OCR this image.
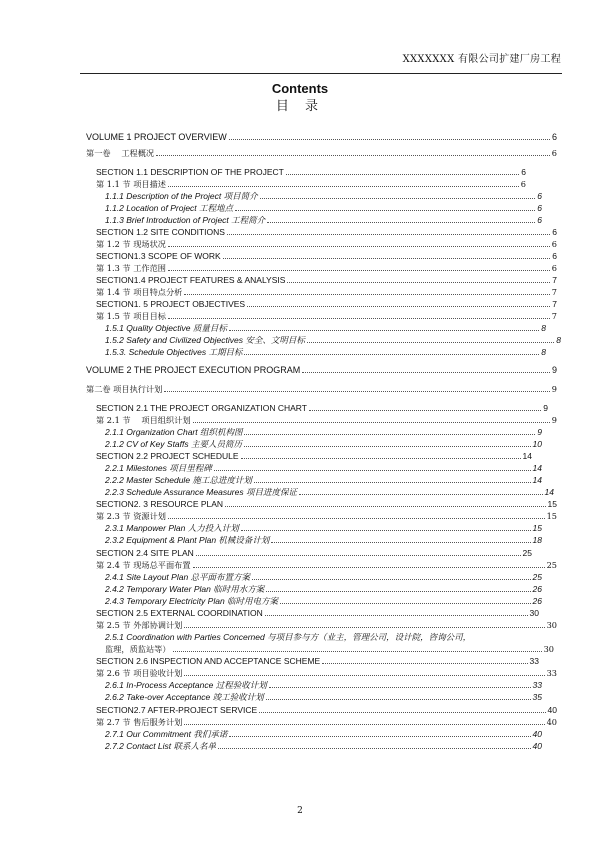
XXXXXXX 有限公司扩建厂房工程
Contents
目 录
VOLUME 1 PROJECT OVERVIEW	6
第一卷　 工程概况	6
SECTION 1.1 DESCRIPTION OF THE PROJECT	6
第 1.1 节 项目描述	6
1.1.1 Description of the Project 项目简介	6
1.1.2 Location of Project 工程地点	6
1.1.3 Brief Introduction of Project 工程简介	6
SECTION 1.2 SITE CONDITIONS	6
第 1.2 节 现场状况	6
SECTION1.3 SCOPE OF WORK	6
第 1.3 节 工作范围	6
SECTION1.4 PROJECT FEATURES & ANALYSIS	7
第 1.4 节 项目特点分析	7
SECTION1. 5 PROJECT OBJECTIVES	7
第 1.5 节 项目目标	7
1.5.1 Quality Objective 质量目标	8
1.5.2 Safety and Civilized Objectives 安全、文明目标	8
1.5.3. Schedule Objectives 工期目标	8
VOLUME 2 THE PROJECT EXECUTION PROGRAM	9
第二卷 项目执行计划	9
SECTION 2.1 THE PROJECT ORGANIZATION CHART	9
第 2.1 节　 项目组织计划	9
2.1.1 Organization Chart 组织机构图	9
2.1.2 CV of Key Staffs 主要人员简历	10
SECTION 2.2 PROJECT SCHEDULE	14
2.2.1 Milestones 项目里程碑	14
2.2.2 Master Schedule 施工总进度计划	14
2.2.3 Schedule Assurance Measures 项目进度保证	14
SECTION2. 3 RESOURCE PLAN	15
第 2.3 节 资源计划	15
2.3.1 Manpower Plan 人力投入计划	15
2.3.2 Equipment & Plant Plan 机械设备计划	18
SECTION 2.4 SITE PLAN	25
第 2.4 节 现场总平面布置	25
2.4.1 Site Layout Plan 总平面布置方案	25
2.4.2 Temporary Water Plan 临时用水方案	26
2.4.3 Temporary Electricity Plan 临时用电方案	26
SECTION 2.5 EXTERNAL COORDINATION	30
第 2.5 节 外部协调计划	30
2.5.1 Coordination with Parties Concerned 与项目参与方（业主，管理公司，设计院，咨询公司，
监理，质监站等）	30
SECTION 2.6 INSPECTION AND ACCEPTANCE SCHEME	33
第 2.6 节 项目验收计划	33
2.6.1 In-Process Acceptance 过程验收计划	33
2.6.2 Take-over Acceptance 竣工验收计划	35
SECTION2.7 AFTER-PROJECT SERVICE	40
第 2.7 节 售后服务计划	40
2.7.1 Our Commitment 我们承诺	40
2.7.2 Contact List 联系人名单	40
2
